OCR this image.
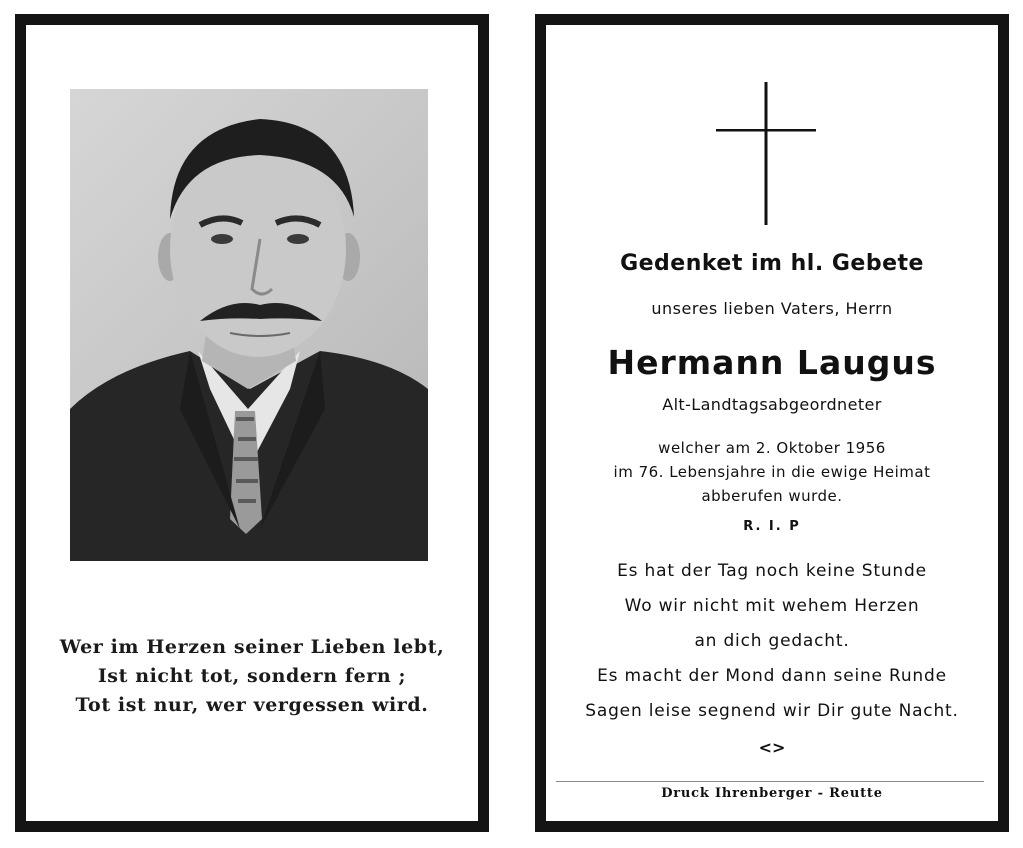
Wer im Herzen seiner Lieben lebt,
Ist nicht tot, sondern fern ;
Tot ist nur, wer vergessen wird.
Gedenket im hl. Gebete
unseres lieben Vaters, Herrn
Hermann Laugus
Alt-Landtagsabgeordneter
welcher am 2. Oktober 1956
im 76. Lebensjahre in die ewige Heimat
abberufen wurde.
R. I. P
Es hat der Tag noch keine Stunde
Wo wir nicht mit wehem Herzen
an dich gedacht.
Es macht der Mond dann seine Runde
Sagen leise segnend wir Dir gute Nacht.
<>
Druck Ihrenberger - Reutte
